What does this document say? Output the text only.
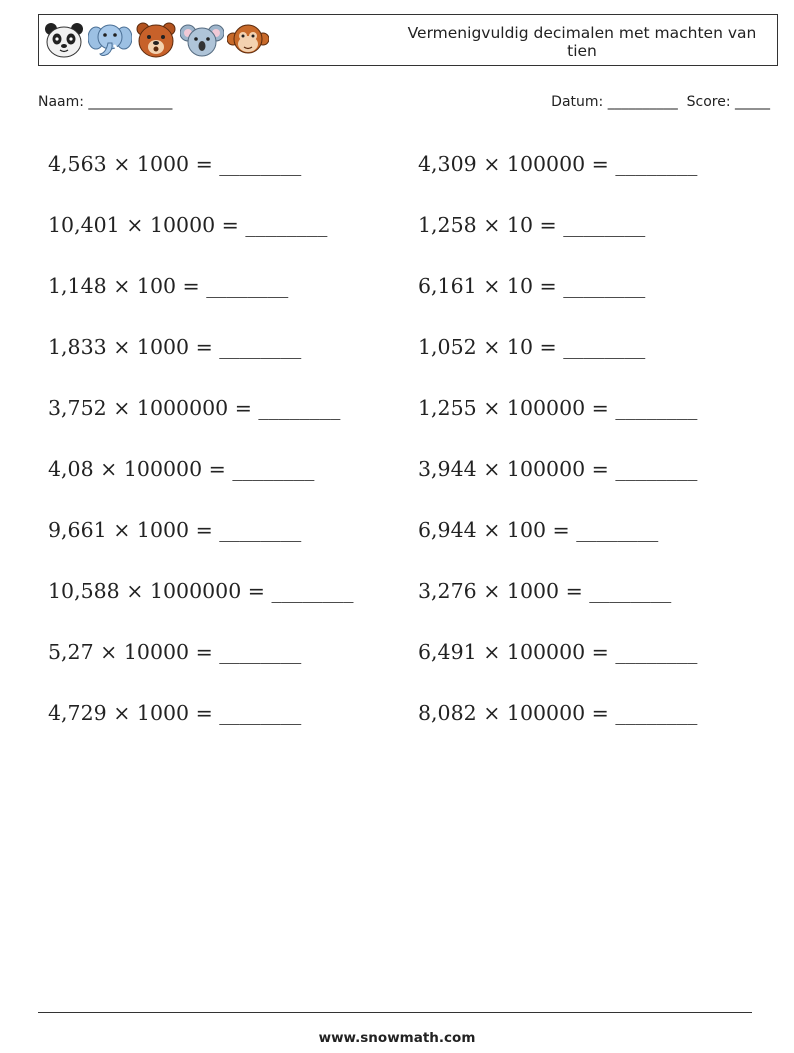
Vermenigvuldig decimalen met machten van tien
Naam: ____________	Datum: __________ Score: _____
4,563 × 1000 = ________
10,401 × 10000 = ________
1,148 × 100 = ________
1,833 × 1000 = ________
3,752 × 1000000 = ________
4,08 × 100000 = ________
9,661 × 1000 = ________
10,588 × 1000000 = ________
5,27 × 10000 = ________
4,729 × 1000 = ________
4,309 × 100000 = ________
1,258 × 10 = ________
6,161 × 10 = ________
1,052 × 10 = ________
1,255 × 100000 = ________
3,944 × 100000 = ________
6,944 × 100 = ________
3,276 × 1000 = ________
6,491 × 100000 = ________
8,082 × 100000 = ________
www.snowmath.com
